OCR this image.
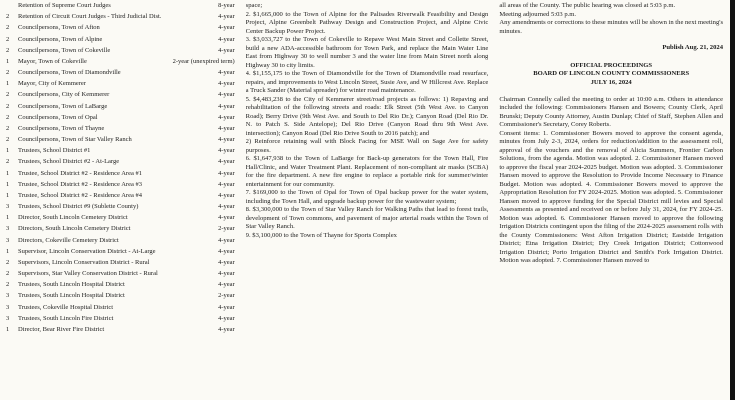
Retention of Supreme Court Judges	8-year
2	Retention of Circuit Court Judges - Third Judicial Dist.	4-year
2	Councilpersons, Town of Afton	4-year
2	Councilpersons, Town of Alpine	4-year
2	Councilpersons, Town of Cokeville	4-year
1	Mayor, Town of Cokeville	2-year (unexpired term)
2	Councilpersons, Town of Diamondville	4-year
1	Mayor, City of Kemmerer	4-year
2	Councilpersons, City of Kemmerer	4-year
2	Councilpersons, Town of LaBarge	4-year
2	Councilpersons, Town of Opal	4-year
2	Councilpersons, Town of Thayne	4-year
2	Councilpersons, Town of Star Valley Ranch	4-year
1	Trustees, School District #1	4-year
2	Trustees, School District #2 - At-Large	4-year
1	Trustee, School District #2 - Residence Area #1	4-year
1	Trustee, School District #2 - Residence Area #3	4-year
1	Trustee, School District #2 - Residence Area #4	4-year
3	Trustees, School District #9 (Sublette County)	4-year
1	Director, South Lincoln Cemetery District	4-year
3	Directors, South Lincoln Cemetery District	2-year
3	Directors, Cokeville Cemetery District	4-year
1	Supervisor, Lincoln Conservation District - At-Large	4-year
2	Supervisors, Lincoln Conservation District - Rural	4-year
2	Supervisors, Star Valley Conservation District - Rural	4-year
2	Trustees, South Lincoln Hospital District	4-year
3	Trustees, South Lincoln Hospital District	2-year
3	Trustees, Cokeville Hospital District	4-year
3	Trustees, South Lincoln Fire District	4-year
1	Director, Bear River Fire District	4-year

space;

2. $1,665,000 to the Town of Alpine for the Palisades Riverwalk Feasibility and Design Project, Alpine Greenbelt Pathway Design and Construction Project, and Alpine Civic Center Backup Power Project.

3. $3,033,727 to the Town of Cokeville to Repave West Main Street and Collette Street, build a new ADA-accessible bathroom for Town Park, and replace the Main Water Line East from Highway 30 to well number 3 and the water line from Main Street north along Highway 30 to city limits.

4. $1,155,175 to the Town of Diamondville for the Town of Diamondville road resurface, repairs, and improvements to West Lincoln Street, Susie Ave, and W Hillcrest Ave. Replace a Truck Sander (Material spreader) for winter road maintenance.

5. $4,483,238 to the City of Kemmerer street/road projects as follows: 1) Repaving and rehabilitation of the following streets and roads: Elk Street (5th West Ave. to Canyon Road); Berry Drive (9th West Ave. and South to Del Rio Dr.); Canyon Road (Del Rio Dr. N. to Patch S. Side Antelope); Del Rio Drive (Canyon Road thru 9th West Ave. intersection); Canyon Road (Del Rio Drive South to 2016 patch); and

2) Reinforce retaining wall with Block Facing for MSE Wall on Sage Ave for safety purposes.

6. $1,647,938 to the Town of LaBarge for Back-up generators for the Town Hall, Fire Hall/Clinic, and Water Treatment Plant. Replacement of non-compliant air masks (SCBA) for the fire department. A new fire engine to replace a portable rink for summer/winter entertainment for our community.

7. $169,000 to the Town of Opal for Town of Opal backup power for the water system, including the Town Hall, and upgrade backup power for the wastewater system;

8. $3,300,000 to the Town of Star Valley Ranch for Walking Paths that lead to forest trails, development of Town commons, and pavement of major arterial roads within the Town of Star Valley Ranch.

9. $3,100,000 to the Town of Thayne for Sports Complex

all areas of the County. The public hearing was closed at 5:03 p.m.

Meeting adjourned 5:03 p.m.

Any amendments or corrections to these minutes will be shown in the next meeting's minutes.

Publish Aug. 21, 2024

OFFICIAL PROCEEDINGS
BOARD OF LINCOLN COUNTY COMMISSIONERS
JULY 16, 2024

Chairman Connelly called the meeting to order at 10:00 a.m. Others in attendance included the following: Commissioners Hansen and Bowers; County Clerk, April Brunski; Deputy County Attorney, Austin Dunlap; Chief of Staff, Stephen Allen and Commissioner's Secretary, Corey Roberts.

Consent items: 1. Commissioner Bowers moved to approve the consent agenda, minutes from July 2-3, 2024, orders for reduction/addition to the assessment roll, approval of the vouchers and the removal of Alicia Summers, Frontier Carbon Solutions, from the agenda. Motion was adopted. 2. Commissioner Hansen moved to approve the fiscal year 2024-2025 budget. Motion was adopted. 3. Commissioner Hansen moved to approve the Resolution to Provide Income Necessary to Finance Budget. Motion was adopted. 4. Commissioner Bowers moved to approve the Appropriation Resolution for FY 2024-2025. Motion was adopted. 5. Commissioner Hansen moved to approve funding for the Special District mill levies and Special Assessments as presented and received on or before July 31, 2024, for FY 2024-25. Motion was adopted. 6. Commissioner Hansen moved to approve the following Irrigation Districts contingent upon the filing of the 2024-2025 assessment rolls with the County Commissioners: West Afton Irrigation District; Eastside Irrigation District; Etna Irrigation District; Dry Creek Irrigation District; Cottonwood Irrigation District; Porto Irrigation District and Smith's Fork Irrigation District. Motion was adopted. 7. Commissioner Hansen moved to
